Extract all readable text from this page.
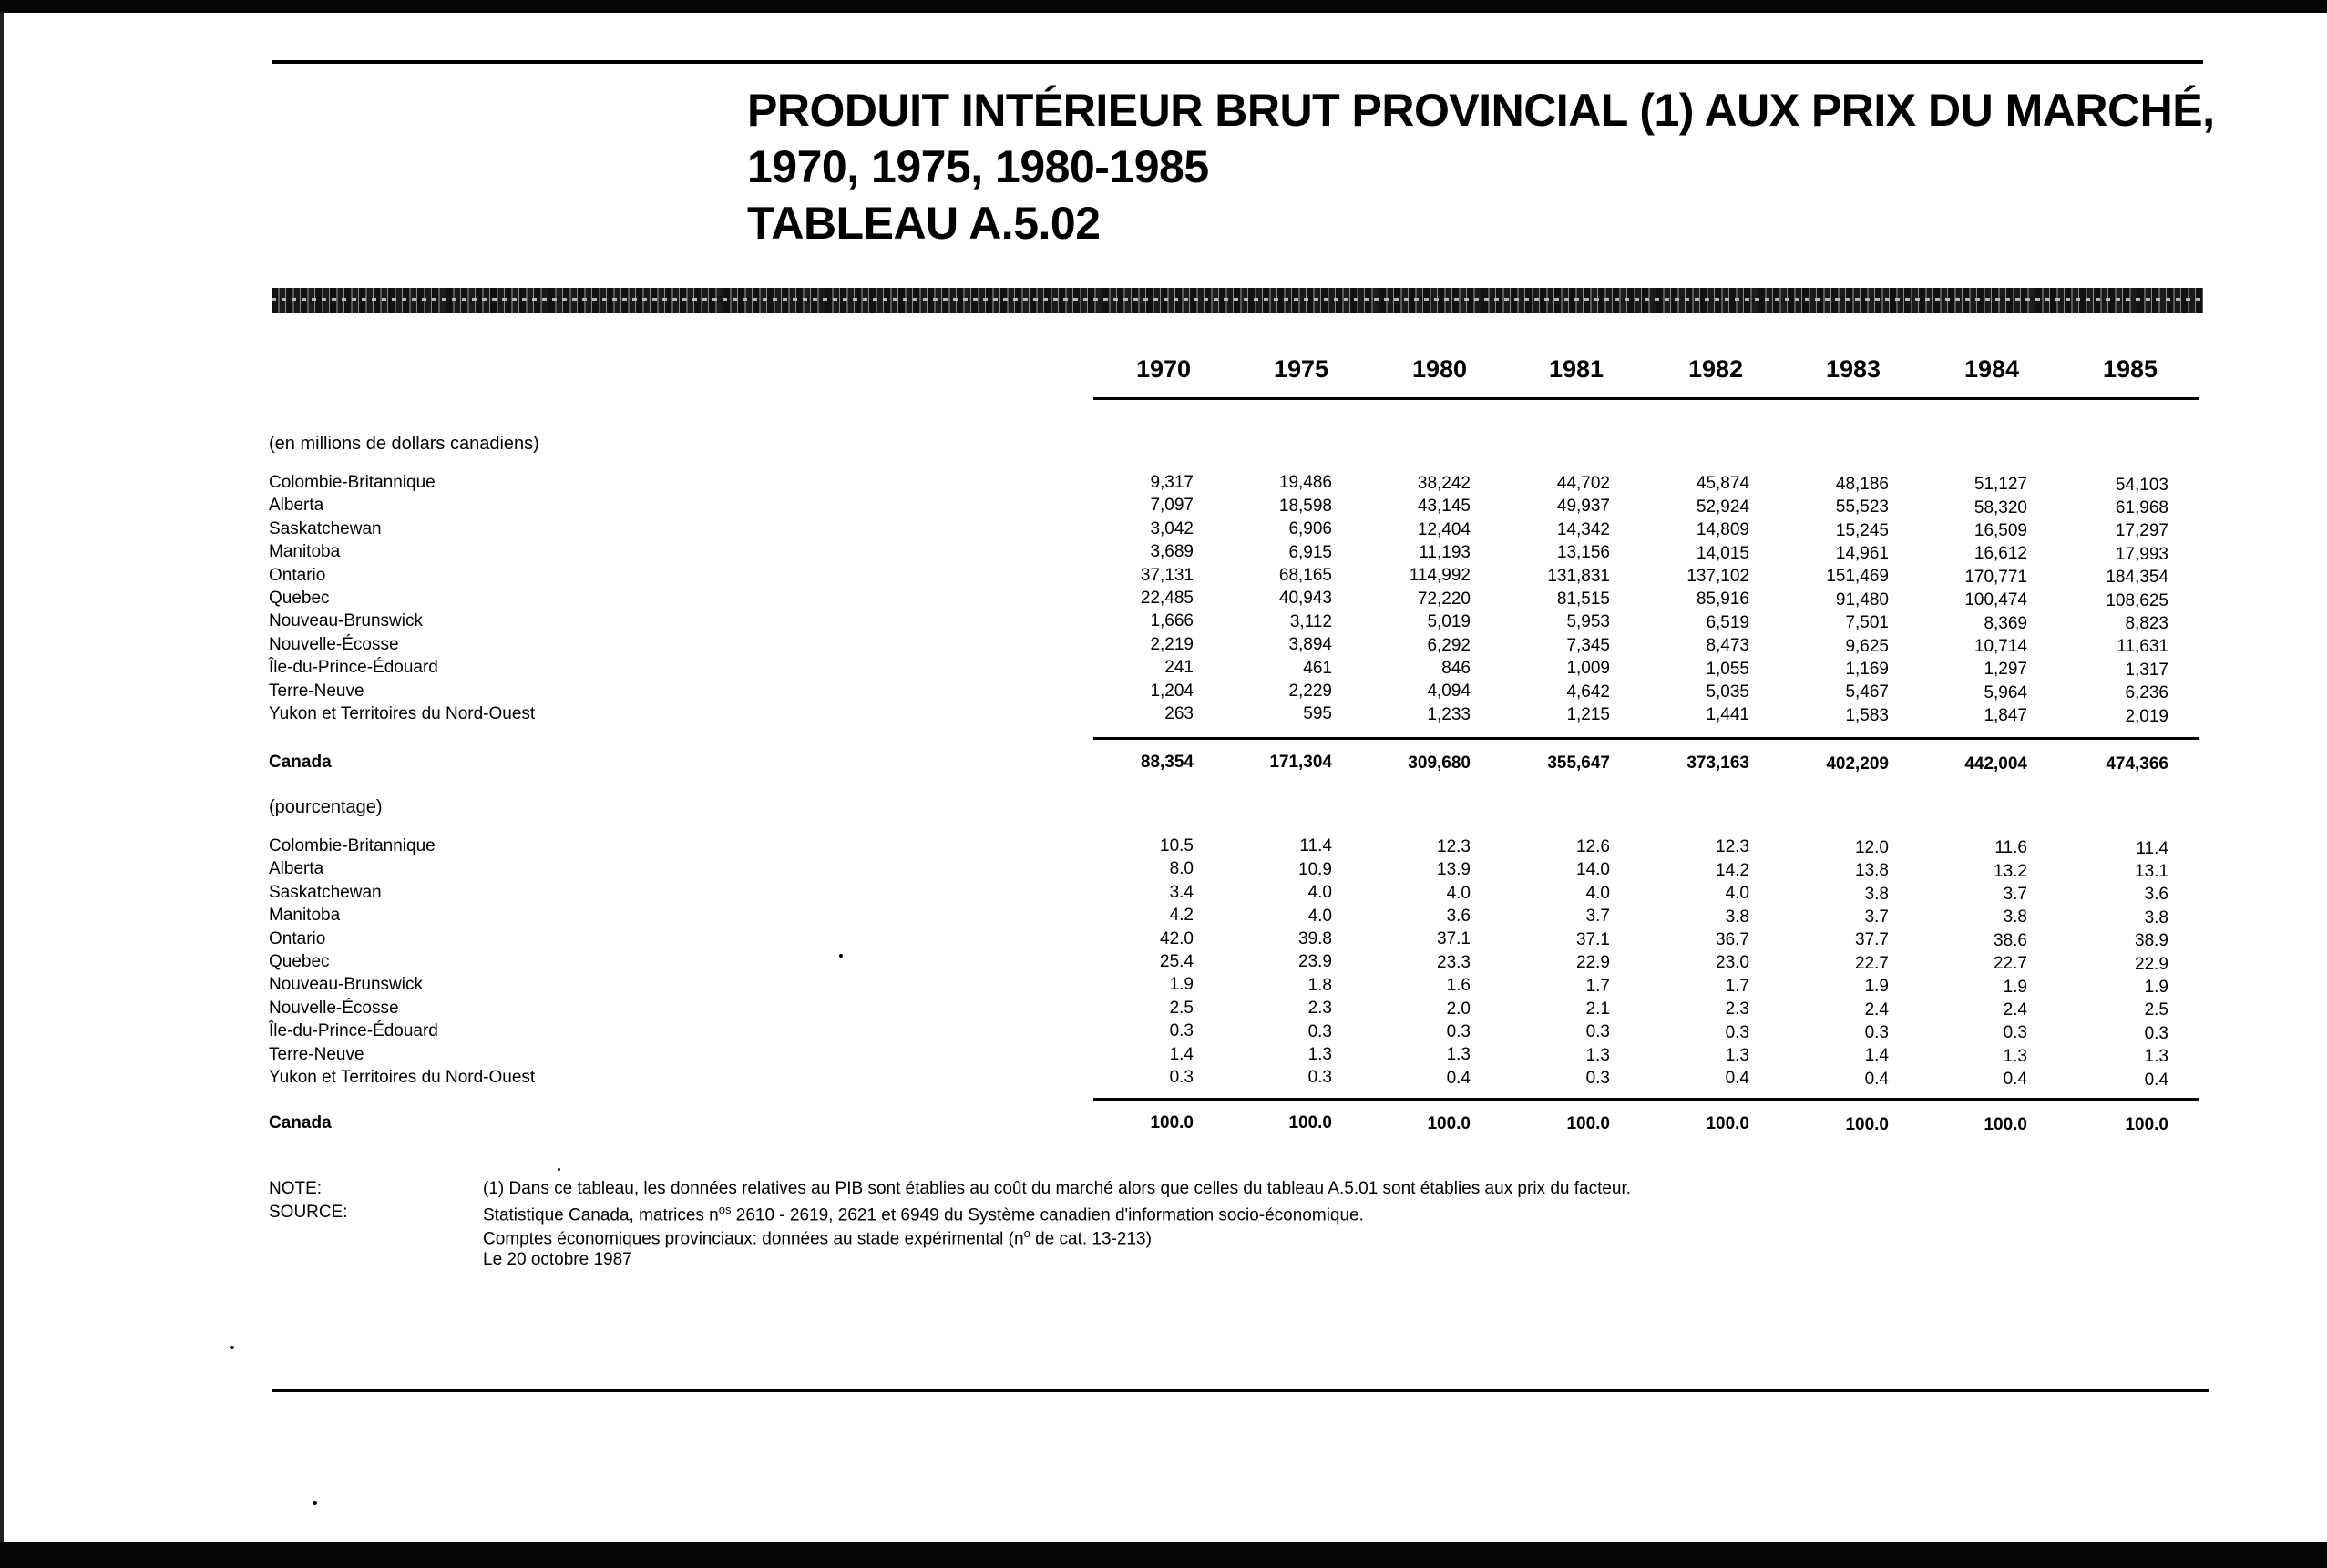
PRODUIT INTÉRIEUR BRUT PROVINCIAL (1) AUX PRIX DU MARCHÉ,
1970, 1975, 1980-1985
TABLEAU A.5.02
1970	1975	1980	1981	1982	1983	1984	1985
(en millions de dollars canadiens)
Colombie-Britannique	9,317	19,486	38,242	44,702	45,874	48,186	51,127	54,103
Alberta	7,097	18,598	43,145	49,937	52,924	55,523	58,320	61,968
Saskatchewan	3,042	6,906	12,404	14,342	14,809	15,245	16,509	17,297
Manitoba	3,689	6,915	11,193	13,156	14,015	14,961	16,612	17,993
Ontario	37,131	68,165	114,992	131,831	137,102	151,469	170,771	184,354
Quebec	22,485	40,943	72,220	81,515	85,916	91,480	100,474	108,625
Nouveau-Brunswick	1,666	3,112	5,019	5,953	6,519	7,501	8,369	8,823
Nouvelle-Écosse	2,219	3,894	6,292	7,345	8,473	9,625	10,714	11,631
Île-du-Prince-Édouard	241	461	846	1,009	1,055	1,169	1,297	1,317
Terre-Neuve	1,204	2,229	4,094	4,642	5,035	5,467	5,964	6,236
Yukon et Territoires du Nord-Ouest	263	595	1,233	1,215	1,441	1,583	1,847	2,019
Canada	88,354	171,304	309,680	355,647	373,163	402,209	442,004	474,366
(pourcentage)
Colombie-Britannique	10.5	11.4	12.3	12.6	12.3	12.0	11.6	11.4
Alberta	8.0	10.9	13.9	14.0	14.2	13.8	13.2	13.1
Saskatchewan	3.4	4.0	4.0	4.0	4.0	3.8	3.7	3.6
Manitoba	4.2	4.0	3.6	3.7	3.8	3.7	3.8	3.8
Ontario	42.0	39.8	37.1	37.1	36.7	37.7	38.6	38.9
Quebec	25.4	23.9	23.3	22.9	23.0	22.7	22.7	22.9
Nouveau-Brunswick	1.9	1.8	1.6	1.7	1.7	1.9	1.9	1.9
Nouvelle-Écosse	2.5	2.3	2.0	2.1	2.3	2.4	2.4	2.5
Île-du-Prince-Édouard	0.3	0.3	0.3	0.3	0.3	0.3	0.3	0.3
Terre-Neuve	1.4	1.3	1.3	1.3	1.3	1.4	1.3	1.3
Yukon et Territoires du Nord-Ouest	0.3	0.3	0.4	0.3	0.4	0.4	0.4	0.4
Canada	100.0	100.0	100.0	100.0	100.0	100.0	100.0	100.0
NOTE:	(1) Dans ce tableau, les données relatives au PIB sont établies au coût du marché alors que celles du tableau A.5.01 sont établies aux prix du facteur.
SOURCE:	Statistique Canada, matrices $n^{os}$ 2610 - 2619, 2621 et 6949 du Système canadien d'information socio-économique.
Comptes économiques provinciaux: données au stade expérimental ($n^o$ de cat. 13-213)
Le 20 octobre 1987
